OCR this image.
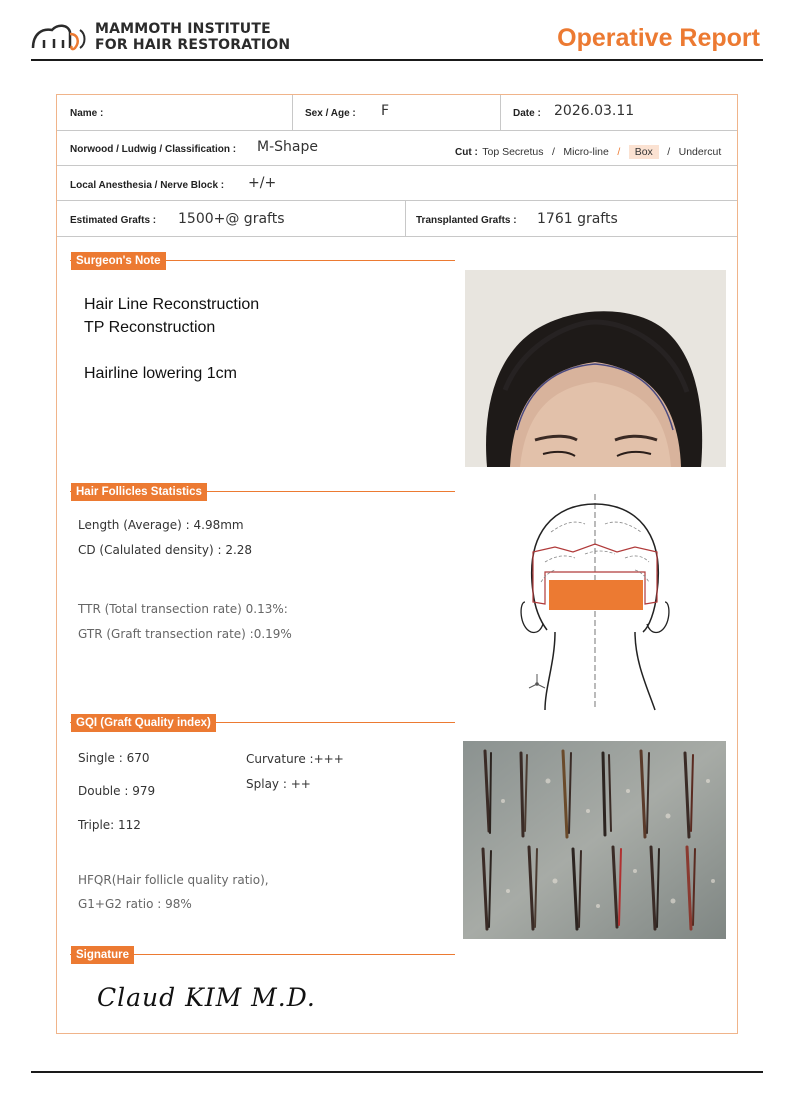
MAMMOTH INSTITUTE
FOR HAIR RESTORATION	Operative Report
Name :	Sex / Age : F	Date : 2026.03.11
Norwood / Ludwig / Classification : M-Shape	Cut : Top Secretus / Micro-line / Box / Undercut
Local Anesthesia / Nerve Block : +/+
Estimated Grafts : 1500+@ grafts	Transplanted Grafts : 1761 grafts
Surgeon's Note
Hair Line Reconstruction
TP Reconstruction
Hairline lowering 1cm
Hair Follicles Statistics
Length (Average) : 4.98mm
CD (Calulated density) : 2.28
TTR (Total transection rate) 0.13%:
GTR (Graft transection rate) :0.19%
GQI (Graft Quality index)
Single : 670
Double : 979
Triple: 112
Curvature :+++
Splay : ++
HFQR(Hair follicle quality ratio),
G1+G2 ratio : 98%
Signature
Claud KIM M.D.
